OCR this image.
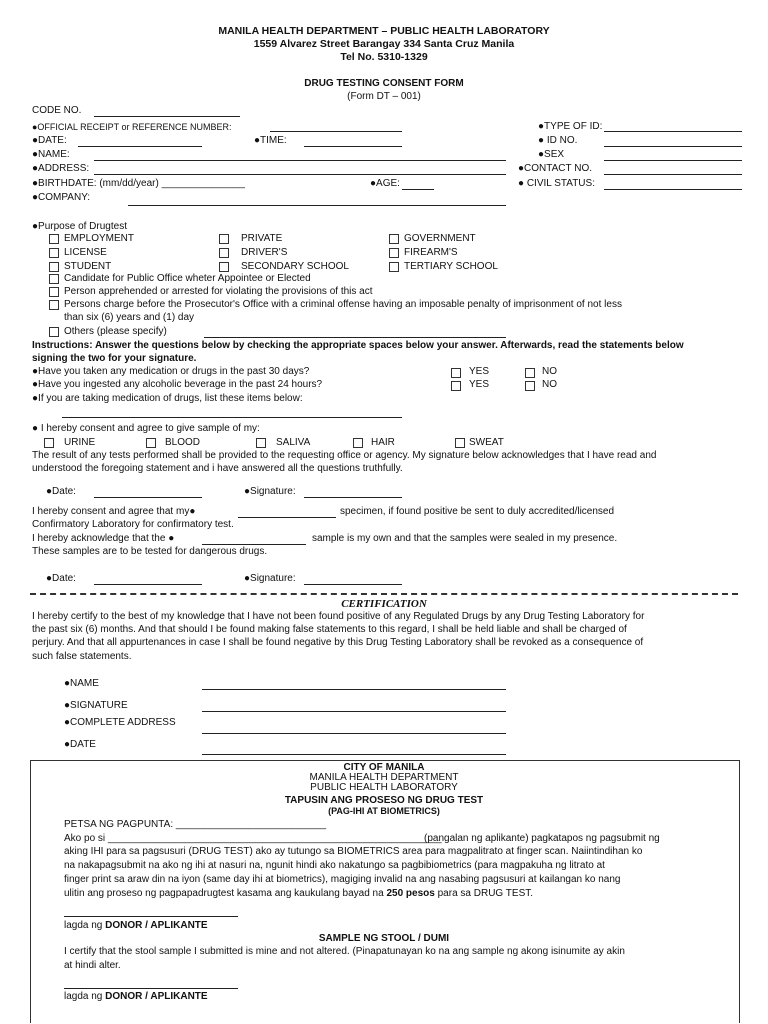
MANILA HEALTH DEPARTMENT – PUBLIC HEALTH LABORATORY
1559 Alvarez Street Barangay 334 Santa Cruz Manila
Tel No. 5310-1329
DRUG TESTING CONSENT FORM
(Form DT – 001)
CODE NO.
●OFFICIAL RECEIPT or REFERENCE NUMBER:	●TYPE OF ID:
●DATE:	●TIME:	● ID NO.
●NAME:	●SEX
●ADDRESS:	●CONTACT NO.
●BIRTHDATE: (mm/dd/year) _______________	●AGE:	● CIVIL STATUS:
●COMPANY:
●Purpose of Drugtest
EMPLOYMENT	PRIVATE	GOVERNMENT
LICENSE	DRIVER'S	FIREARM'S
STUDENT	SECONDARY SCHOOL	TERTIARY SCHOOL
Candidate for Public Office wheter Appointee or Elected
Person apprehended or arrested for violating the provisions of this act
Persons charge before the Prosecutor's Office with a criminal offense having an imposable penalty of imprisonment of not less
than six (6) years and (1) day
Others (please specify)
Instructions: Answer the questions below by checking the appropriate spaces below your answer. Afterwards, read the statements below
signing the two for your signature.
●Have you taken any medication or drugs in the past 30 days?	YES	NO
●Have you ingested any alcoholic beverage in the past 24 hours?	YES	NO
●If you are taking medication of drugs, list these items below:
● I hereby consent and agree to give sample of my:
URINE	BLOOD	SALIVA	HAIR	SWEAT
The result of any tests performed shall be provided to the requesting office or agency. My signature below acknowledges that I have read and
understood the foregoing statement and i have answered all the questions truthfully.
●Date:	●Signature:
I hereby consent and agree that my●	specimen, if found positive be sent to duly accredited/licensed
Confirmatory Laboratory for confirmatory test.
I hereby acknowledge that the ●	sample is my own and that the samples were sealed in my presence.
These samples are to be tested for dangerous drugs.
●Date:	●Signature:
CERTIFICATION
I hereby certify to the best of my knowledge that I have not been found positive of any Regulated Drugs by any Drug Testing Laboratory for
the past six (6) months. And that should I be found making false statements to this regard, I shall be held liable and shall be charged of
perjury. And that all appurtenances in case I shall be found negative by this Drug Testing Laboratory shall be revoked as a consequence of
such false statements.
●NAME
●SIGNATURE
●COMPLETE ADDRESS
●DATE
CITY OF MANILA
MANILA HEALTH DEPARTMENT
PUBLIC HEALTH LABORATORY
TAPUSIN ANG PROSESO NG DRUG TEST
(PAG-IHI AT BIOMETRICS)
PETSA NG PAGPUNTA: ___________________________
Ako po si ____________________________________________________________
(pangalan ng aplikante) pagkatapos ng pagsubmit ng
aking IHI para sa pagsusuri (DRUG TEST) ako ay tutungo sa BIOMETRICS area para magpalitrato at finger scan. Naiintindihan ko
na nakapagsubmit na ako ng ihi at nasuri na, ngunit hindi ako nakatungo sa pagbibiometrics (para magpakuha ng litrato at
finger print sa araw din na iyon (same day ihi at biometrics), magiging invalid na ang nasabing pagsusuri at kailangan ko nang
ulitin ang proseso ng pagpapadrugtest kasama ang kaukulang bayad na 250 pesos para sa DRUG TEST.
lagda ng DONOR / APLIKANTE
SAMPLE NG STOOL / DUMI
I certify that the stool sample I submitted is mine and not altered. (Pinapatunayan ko na ang sample ng akong isinumite ay akin
at hindi alter.
lagda ng DONOR / APLIKANTE
